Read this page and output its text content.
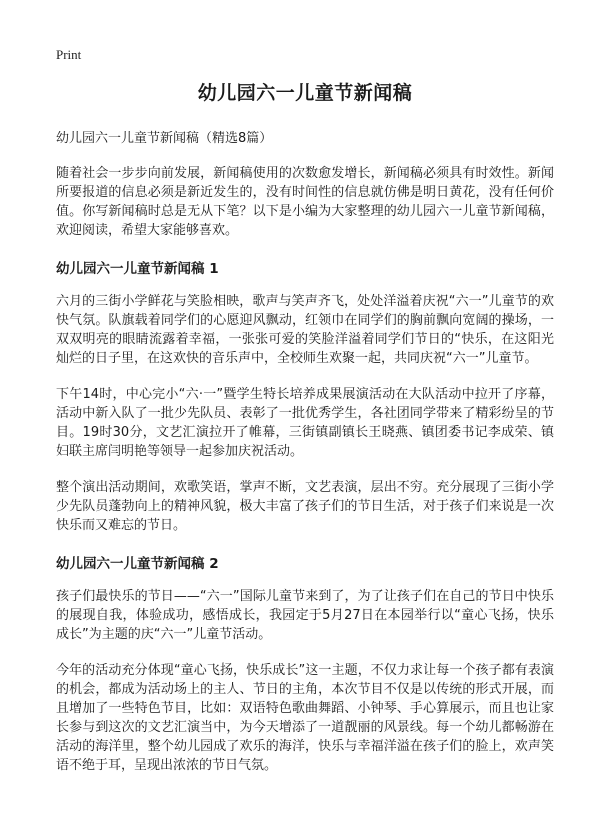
Print
幼儿园六一儿童节新闻稿
幼儿园六一儿童节新闻稿（精选8篇）

随着社会一步步向前发展，新闻稿使用的次数愈发增长，新闻稿必须具有时效性。新闻所要报道的信息必须是新近发生的，没有时间性的信息就仿佛是明日黄花，没有任何价值。你写新闻稿时总是无从下笔？以下是小编为大家整理的幼儿园六一儿童节新闻稿，欢迎阅读，希望大家能够喜欢。

幼儿园六一儿童节新闻稿 1

六月的三街小学鲜花与笑脸相映，歌声与笑声齐飞，处处洋溢着庆祝“六一”儿童节的欢快气氛。队旗载着同学们的心愿迎风飘动，红领巾在同学们的胸前飘向宽阔的操场，一双双明亮的眼睛流露着幸福，一张张可爱的笑脸洋溢着同学们节日的“快乐，在这阳光灿烂的日子里，在这欢快的音乐声中，全校师生欢聚一起，共同庆祝“六一”儿童节。

下午14时，中心完小“六·一”暨学生特长培养成果展演活动在大队活动中拉开了序幕，活动中新入队了一批少先队员、表彰了一批优秀学生，各社团同学带来了精彩纷呈的节目。19时30分，文艺汇演拉开了帷幕，三街镇副镇长王晓燕、镇团委书记李成荣、镇妇联主席闫明艳等领导一起参加庆祝活动。

整个演出活动期间，欢歌笑语，掌声不断，文艺表演，层出不穷。充分展现了三街小学少先队员蓬勃向上的精神风貌，极大丰富了孩子们的节日生活，对于孩子们来说是一次快乐而又难忘的节日。

幼儿园六一儿童节新闻稿 2

孩子们最快乐的节日——“六一”国际儿童节来到了，为了让孩子们在自己的节日中快乐的展现自我，体验成功，感悟成长，我园定于5月27日在本园举行以“童心飞扬，快乐成长”为主题的庆“六一”儿童节活动。

今年的活动充分体现“童心飞扬，快乐成长”这一主题，不仅力求让每一个孩子都有表演的机会，都成为活动场上的主人、节日的主角，本次节目不仅是以传统的形式开展，而且增加了一些特色节目，比如：双语特色歌曲舞蹈、小钟琴、手心算展示，而且也让家长参与到这次的文艺汇演当中，为今天增添了一道靓丽的风景线。每一个幼儿都畅游在活动的海洋里，整个幼儿园成了欢乐的海洋，快乐与幸福洋溢在孩子们的脸上，欢声笑语不绝于耳，呈现出浓浓的节日气氛。
